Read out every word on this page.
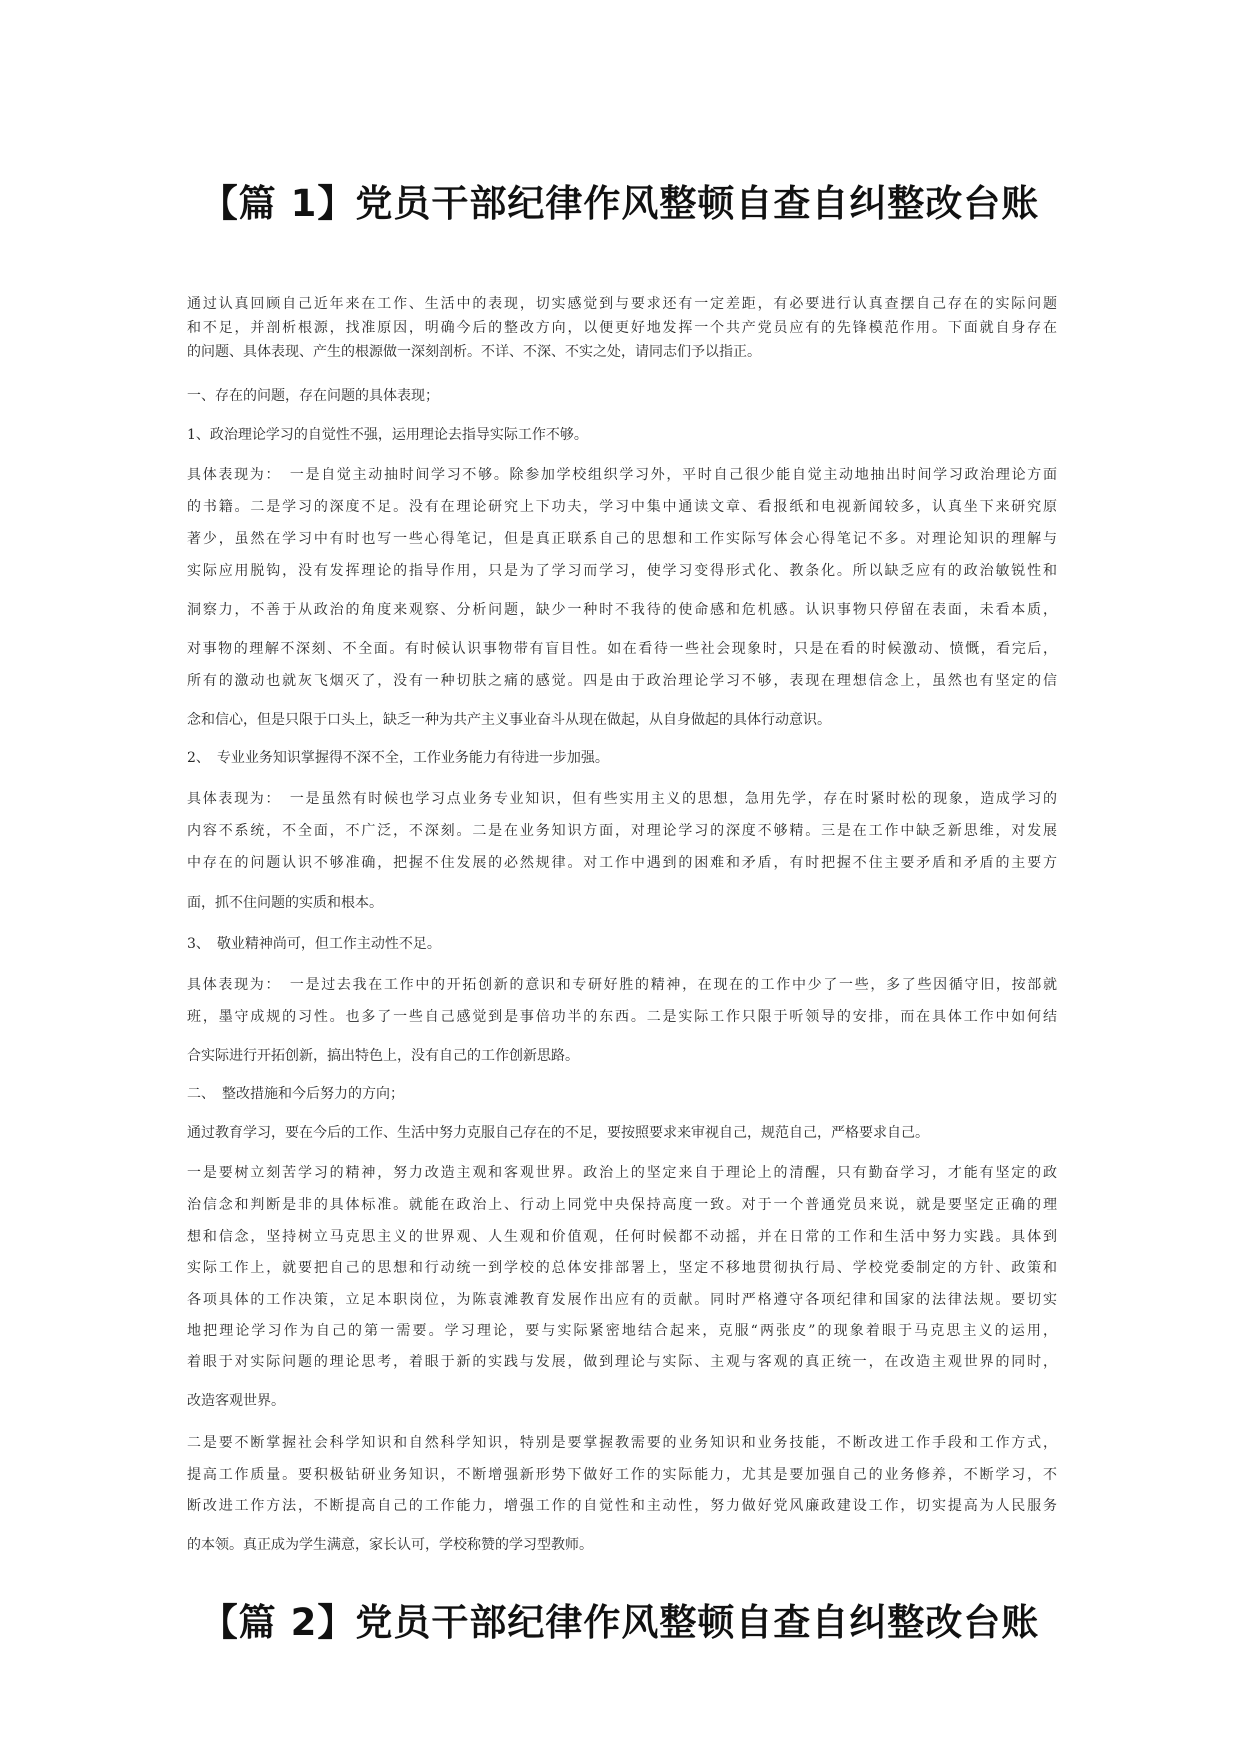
【篇 1】党员干部纪律作风整顿自查自纠整改台账

通过认真回顾自己近年来在工作、生活中的表现，切实感觉到与要求还有一定差距，有必要进行认真查摆自己存在的实际问题

和不足，并剖析根源，找准原因，明确今后的整改方向，以便更好地发挥一个共产党员应有的先锋模范作用。下面就自身存在

的问题、具体表现、产生的根源做一深刻剖析。不详、不深、不实之处，请同志们予以指正。

一、存在的问题，存在问题的具体表现；

1、政治理论学习的自觉性不强，运用理论去指导实际工作不够。

具体表现为：　一是自觉主动抽时间学习不够。除参加学校组织学习外，平时自己很少能自觉主动地抽出时间学习政治理论方面

的书籍。二是学习的深度不足。没有在理论研究上下功夫，学习中集中通读文章、看报纸和电视新闻较多，认真坐下来研究原

著少，虽然在学习中有时也写一些心得笔记，但是真正联系自己的思想和工作实际写体会心得笔记不多。对理论知识的理解与

实际应用脱钩，没有发挥理论的指导作用，只是为了学习而学习，使学习变得形式化、教条化。所以缺乏应有的政治敏锐性和

洞察力，不善于从政治的角度来观察、分析问题，缺少一种时不我待的使命感和危机感。认识事物只停留在表面，未看本质，

对事物的理解不深刻、不全面。有时候认识事物带有盲目性。如在看待一些社会现象时，只是在看的时候激动、愤慨，看完后，

所有的激动也就灰飞烟灭了，没有一种切肤之痛的感觉。四是由于政治理论学习不够，表现在理想信念上，虽然也有坚定的信

念和信心，但是只限于口头上，缺乏一种为共产主义事业奋斗从现在做起，从自身做起的具体行动意识。

2、　专业业务知识掌握得不深不全，工作业务能力有待进一步加强。

具体表现为：　一是虽然有时候也学习点业务专业知识，但有些实用主义的思想，急用先学，存在时紧时松的现象，造成学习的

内容不系统，不全面，不广泛，不深刻。二是在业务知识方面，对理论学习的深度不够精。三是在工作中缺乏新思维，对发展

中存在的问题认识不够准确，把握不住发展的必然规律。对工作中遇到的困难和矛盾，有时把握不住主要矛盾和矛盾的主要方

面，抓不住问题的实质和根本。

3、　敬业精神尚可，但工作主动性不足。

具体表现为：　一是过去我在工作中的开拓创新的意识和专研好胜的精神，在现在的工作中少了一些，多了些因循守旧，按部就

班，墨守成规的习性。也多了一些自己感觉到是事倍功半的东西。二是实际工作只限于听领导的安排，而在具体工作中如何结

合实际进行开拓创新，搞出特色上，没有自己的工作创新思路。

二、　整改措施和今后努力的方向；

通过教育学习，要在今后的工作、生活中努力克服自己存在的不足，要按照要求来审视自己，规范自己，严格要求自己。

一是要树立刻苦学习的精神，努力改造主观和客观世界。政治上的坚定来自于理论上的清醒，只有勤奋学习，才能有坚定的政

治信念和判断是非的具体标准。就能在政治上、行动上同党中央保持高度一致。对于一个普通党员来说，就是要坚定正确的理

想和信念，坚持树立马克思主义的世界观、人生观和价值观，任何时候都不动摇，并在日常的工作和生活中努力实践。具体到

实际工作上，就要把自己的思想和行动统一到学校的总体安排部署上，坚定不移地贯彻执行局、学校党委制定的方针、政策和

各项具体的工作决策，立足本职岗位，为陈袁滩教育发展作出应有的贡献。同时严格遵守各项纪律和国家的法律法规。要切实

地把理论学习作为自己的第一需要。学习理论，要与实际紧密地结合起来，克服“两张皮”的现象着眼于马克思主义的运用，

着眼于对实际问题的理论思考，着眼于新的实践与发展，做到理论与实际、主观与客观的真正统一，在改造主观世界的同时，

改造客观世界。

二是要不断掌握社会科学知识和自然科学知识，特别是要掌握教需要的业务知识和业务技能，不断改进工作手段和工作方式，

提高工作质量。要积极钻研业务知识，不断增强新形势下做好工作的实际能力，尤其是要加强自己的业务修养，不断学习，不

断改进工作方法，不断提高自己的工作能力，增强工作的自觉性和主动性，努力做好党风廉政建设工作，切实提高为人民服务

的本领。真正成为学生满意，家长认可，学校称赞的学习型教师。

【篇 2】党员干部纪律作风整顿自查自纠整改台账
